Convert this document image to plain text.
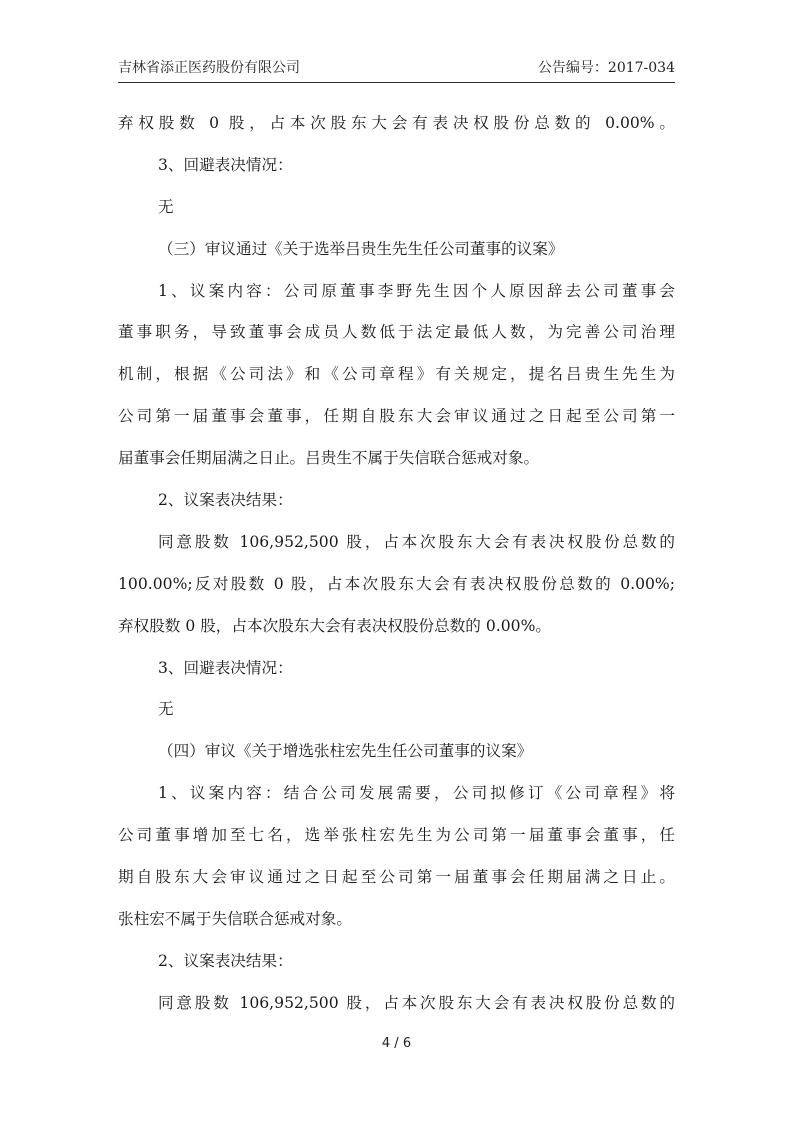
吉林省添正医药股份有限公司	公告编号：2017-034
弃权股数 0 股，占本次股东大会有表决权股份总数的 0.00%。
3、回避表决情况：
无
（三）审议通过《关于选举吕贵生先生任公司董事的议案》
1、议案内容：公司原董事李野先生因个人原因辞去公司董事会
董事职务，导致董事会成员人数低于法定最低人数，为完善公司治理
机制，根据《公司法》和《公司章程》有关规定，提名吕贵生先生为
公司第一届董事会董事，任期自股东大会审议通过之日起至公司第一
届董事会任期届满之日止。吕贵生不属于失信联合惩戒对象。
2、议案表决结果：
同意股数 106,952,500 股，占本次股东大会有表决权股份总数的
100.00%;反对股数 0 股，占本次股东大会有表决权股份总数的 0.00%;
弃权股数 0 股，占本次股东大会有表决权股份总数的 0.00%。
3、回避表决情况：
无
（四）审议《关于增选张柱宏先生任公司董事的议案》
1、议案内容：结合公司发展需要，公司拟修订《公司章程》将
公司董事增加至七名，选举张柱宏先生为公司第一届董事会董事，任
期自股东大会审议通过之日起至公司第一届董事会任期届满之日止。
张柱宏不属于失信联合惩戒对象。
2、议案表决结果：
同意股数 106,952,500 股，占本次股东大会有表决权股份总数的
4 / 6
